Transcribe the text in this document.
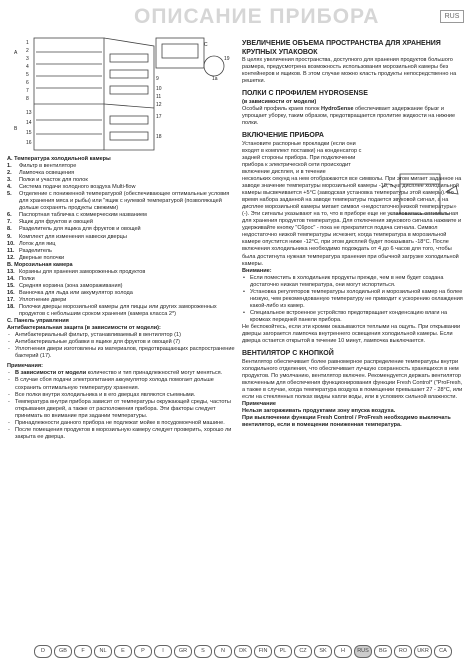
ОПИСАНИЕ ПРИБОРА	RUS
A
1
2
3
4
5
6
7
8
9
10
11
12
13
14
15
16
17
18
19
1a
B
C

A. Температура холодильной камеры

1.	Фильтр в вентиляторе
2.	Лампочка освещения
3.	Полки и участок для полок
4.	Система подачи холодного воздуха Multi-flow
5.	Отделение с пониженной температурой (обеспечивающее оптимальные условия для хранения мяса и рыбы) или "ящик с нулевой температурой (позволяющей дольше сохранять продукты свежими)
6.	Паспортная табличка с коммерческим названием
7.	Ящик для фруктов и овощей
8.	Разделитель для ящика для фруктов и овощей
9.	Комплект для изменения навески дверцы
10. Лоток для яиц
11. Разделитель
12. Дверные полочки

B. Морозильная камера

13. Корзины для хранения замороженных продуктов
14. Полки
15. Средняя корзина (зона замораживания)
16. Ванночка для льда или аккумулятор холода
17. Уплотнение двери
18. Полочки дверцы морозильной камеры для пиццы или других замороженных продуктов с небольшим сроком хранения (камера класса 2*)

C. Панель управления

Антибактериальная защита (в зависимости от модели):

- Антибактериальный фильтр, устанавливаемый в вентилятор (1)
- Антибактериальные добавки в ящике для фруктов и овощей (7)
- Уплотнения двери изготовлены из материалов, предотвращающих распространение бактерий (17).

Примечания:

- В зависимости от модели количество и тип принадлежностей могут меняться.
- В случае сбоя подачи электропитания аккумулятор холода помогает дольше сохранить оптимальную температуру хранения.
- Все полки внутри холодильника и в его дверцах являются съемными.
- Температура внутри прибора зависит от температуры окружающей среды, частоты открывания дверей, а также от расположения прибора. Эти факторы следует принимать во внимание при задании температуры.
- Принадлежности данного прибора не подлежат мойке в посудомоечной машине.
- После помещения продуктов в морозильную камеру следует проверить, хорошо ли закрыта ее дверца.
УВЕЛИЧЕНИЕ ОБЪЕМА ПРОСТРАНСТВА ДЛЯ ХРАНЕНИЯ КРУПНЫХ УПАКОВОК

В целях увеличения пространства, доступного для хранения продуктов большого размера, предусмотрена возможность использования морозильной камеры без контейнеров и ящиков. В этом случае можно класть продукты непосредственно на решетки.

ПОЛКИ С ПРОФИЛЕМ HYDROSENSE

(в зависимости от модели)

Особый профиль краев полок HydroSense обеспечивает задержание брызг и упрощает уборку, таким образом, предотвращается пролитие жидкости на нижние полки.

ВКЛЮЧЕНИЕ ПРИБОРА

Установите распорные прокладки (если они входят в комплект поставки) на конденсатор с задней стороны прибора. При подключении прибора к электрической сети происходит включение дисплея, и в течение

нескольких секунд на нем отображаются все символы. При этом мигает заданное на заводе значение температуры морозильной камеры -18, а на дисплее холодильной камеры высвечивается +5°C (заводская установка температуры этой камеры). Во время набора заданной на заводе температуры подается звуковой сигнал, а на дисплее морозильной камеры мигает символ «недостаточно низкой температуры» (-). Эти сигналы указывают на то, что в приборе еще не установилась оптимальная для хранения продуктов температура. Для отключения звукового сигнала нажмите и удерживайте кнопку "С6рос" - пока не прекратится подача сигнала. Символ недостаточно низкой температуры исчезнет, когда температура в морозильной камере опустится ниже -12°C, при этом дисплей будет показывать -18°C. После включения холодильника необходимо подождать от 4 до 6 часов для того, чтобы была достигнута нужная температура хранения при обычной загрузке холодильной камеры.

Внимание:

• Если поместить в холодильник продукты прежде, чем в нем будет создана достаточно низкая температура, они могут испортиться.
• Установка регуляторов температуры холодильной и морозильной камер на более низкую, чем рекомендованную температуру не приводит к ускорению охлаждения какой-либо из камер.
• Специальное встроенное устройство предотвращает конденсацию влаги на кромках передней панели прибора.

Не беспокойтесь, если эти кромки оказываются теплыми на ощупь. При открывании дверцы загорается лампочка внутреннего освещения холодильной камеры. Если дверца остается открытой в течение 10 минут, лампочка выключается.

ВЕНТИЛЯТОР С КНОПКОЙ

Вентилятор обеспечивает более равномерное распределение температуры внутри холодильного отделения, что обеспечивает лучшую сохранность хранящихся в нем продуктов. По умолчанию, вентилятор включен. Рекомендуется держать вентилятор включенным для обеспечения функционирования функции Fresh Control* ("ProFresh, а также в случае, когда температура воздуха в помещении превышает 27 - 28°C, или если на стеклянных полках видны капли воды, или в условиях сильной влажности.

Примечание

Нельзя загораживать продуктами зону впуска воздуха.

При выключении функции Fresh Control / ProFresh необходимо выключать вентилятор, если в помещении пониженная температура.

D	GB	F	NL	E	P	I	GR	S	N	DK	FIN	PL	CZ	SK	H	RUS	BG	RO	UKR	CA
